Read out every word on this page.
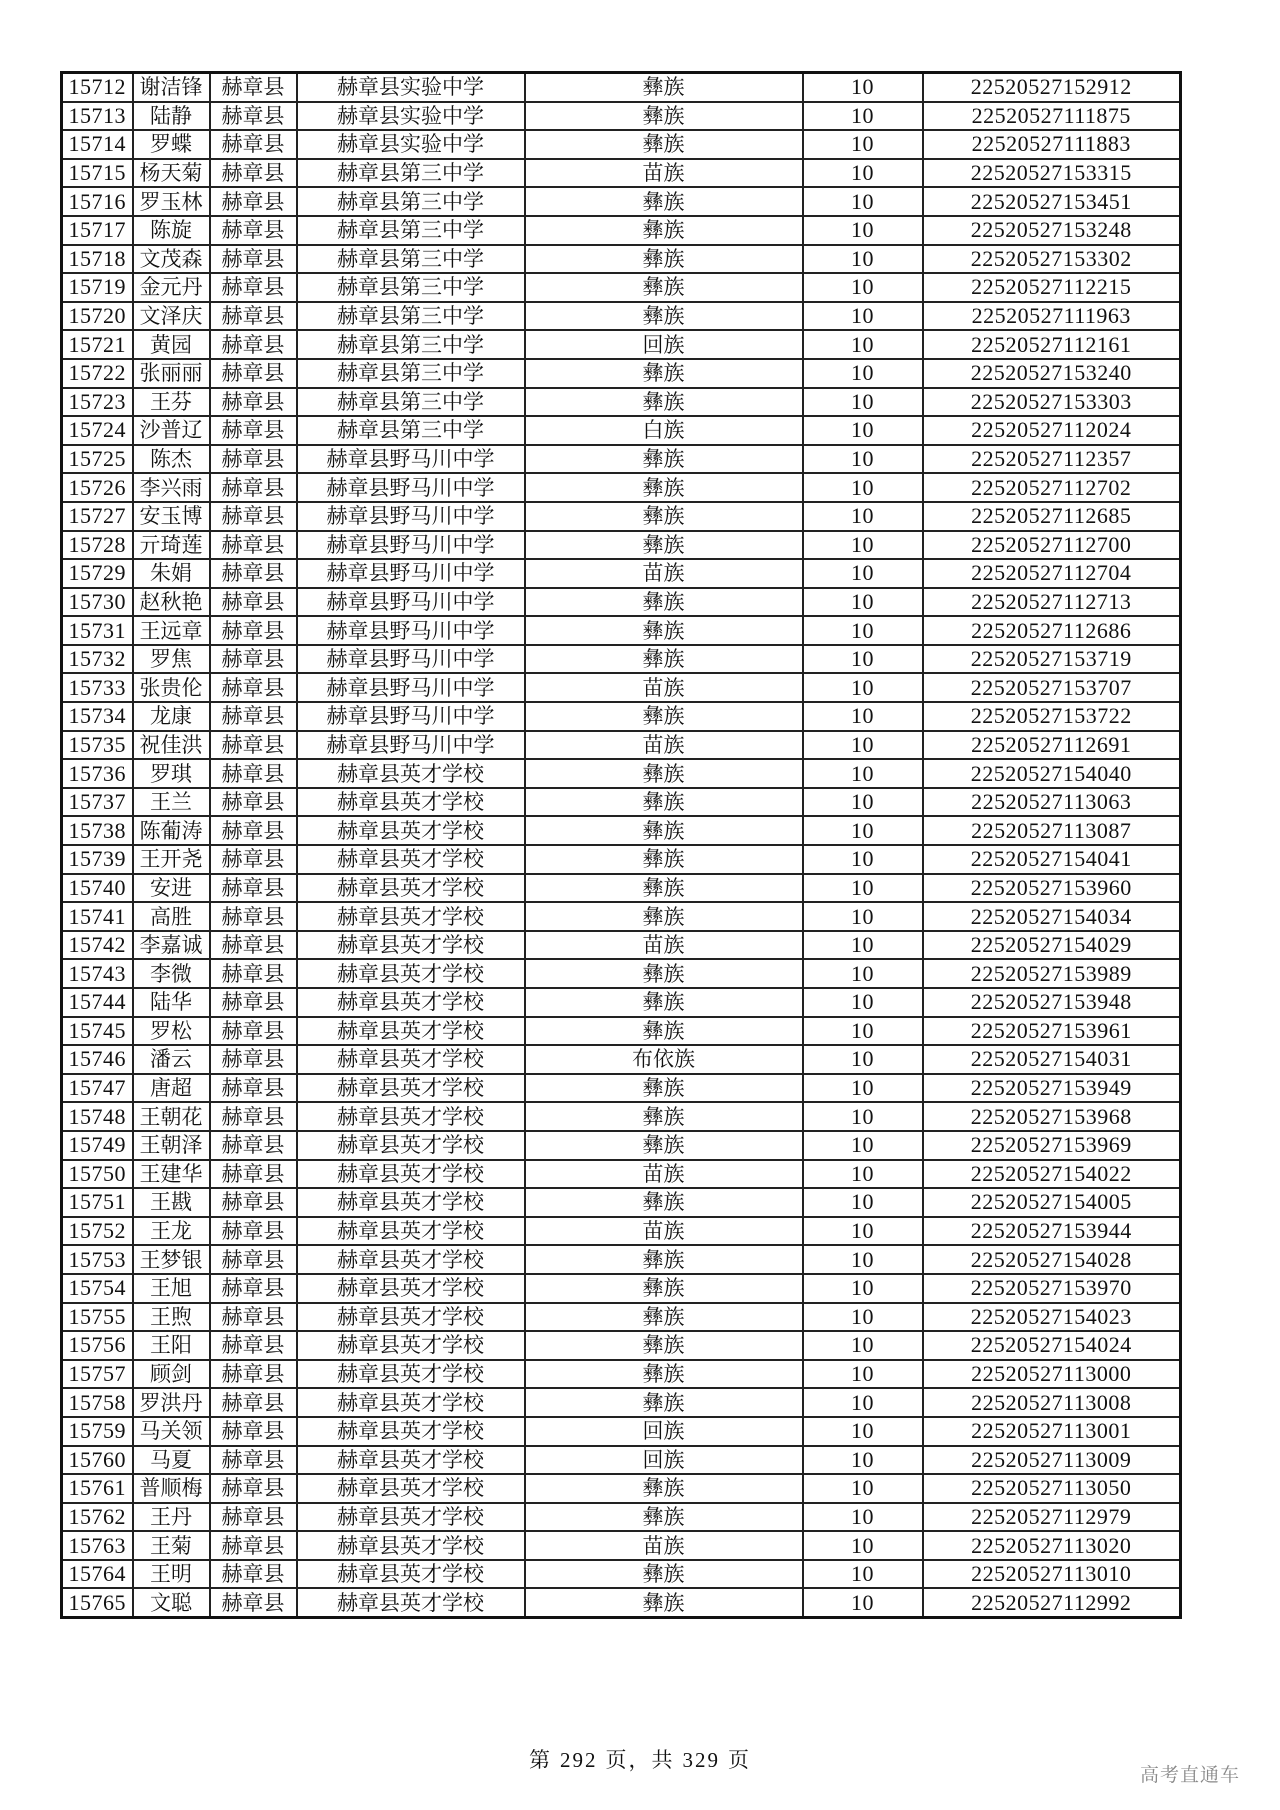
15712	谢洁锋	赫章县	赫章县实验中学	彝族	10	22520527152912
15713	陆静	赫章县	赫章县实验中学	彝族	10	22520527111875
15714	罗蝶	赫章县	赫章县实验中学	彝族	10	22520527111883
15715	杨天菊	赫章县	赫章县第三中学	苗族	10	22520527153315
15716	罗玉林	赫章县	赫章县第三中学	彝族	10	22520527153451
15717	陈旋	赫章县	赫章县第三中学	彝族	10	22520527153248
15718	文茂森	赫章县	赫章县第三中学	彝族	10	22520527153302
15719	金元丹	赫章县	赫章县第三中学	彝族	10	22520527112215
15720	文泽庆	赫章县	赫章县第三中学	彝族	10	22520527111963
15721	黄园	赫章县	赫章县第三中学	回族	10	22520527112161
15722	张丽丽	赫章县	赫章县第三中学	彝族	10	22520527153240
15723	王芬	赫章县	赫章县第三中学	彝族	10	22520527153303
15724	沙普辽	赫章县	赫章县第三中学	白族	10	22520527112024
15725	陈杰	赫章县	赫章县野马川中学	彝族	10	22520527112357
15726	李兴雨	赫章县	赫章县野马川中学	彝族	10	22520527112702
15727	安玉博	赫章县	赫章县野马川中学	彝族	10	22520527112685
15728	亓琦莲	赫章县	赫章县野马川中学	彝族	10	22520527112700
15729	朱娟	赫章县	赫章县野马川中学	苗族	10	22520527112704
15730	赵秋艳	赫章县	赫章县野马川中学	彝族	10	22520527112713
15731	王远章	赫章县	赫章县野马川中学	彝族	10	22520527112686
15732	罗焦	赫章县	赫章县野马川中学	彝族	10	22520527153719
15733	张贵伦	赫章县	赫章县野马川中学	苗族	10	22520527153707
15734	龙康	赫章县	赫章县野马川中学	彝族	10	22520527153722
15735	祝佳洪	赫章县	赫章县野马川中学	苗族	10	22520527112691
15736	罗琪	赫章县	赫章县英才学校	彝族	10	22520527154040
15737	王兰	赫章县	赫章县英才学校	彝族	10	22520527113063
15738	陈葡涛	赫章县	赫章县英才学校	彝族	10	22520527113087
15739	王开尧	赫章县	赫章县英才学校	彝族	10	22520527154041
15740	安进	赫章县	赫章县英才学校	彝族	10	22520527153960
15741	高胜	赫章县	赫章县英才学校	彝族	10	22520527154034
15742	李嘉诚	赫章县	赫章县英才学校	苗族	10	22520527154029
15743	李微	赫章县	赫章县英才学校	彝族	10	22520527153989
15744	陆华	赫章县	赫章县英才学校	彝族	10	22520527153948
15745	罗松	赫章县	赫章县英才学校	彝族	10	22520527153961
15746	潘云	赫章县	赫章县英才学校	布依族	10	22520527154031
15747	唐超	赫章县	赫章县英才学校	彝族	10	22520527153949
15748	王朝花	赫章县	赫章县英才学校	彝族	10	22520527153968
15749	王朝泽	赫章县	赫章县英才学校	彝族	10	22520527153969
15750	王建华	赫章县	赫章县英才学校	苗族	10	22520527154022
15751	王戡	赫章县	赫章县英才学校	彝族	10	22520527154005
15752	王龙	赫章县	赫章县英才学校	苗族	10	22520527153944
15753	王梦银	赫章县	赫章县英才学校	彝族	10	22520527154028
15754	王旭	赫章县	赫章县英才学校	彝族	10	22520527153970
15755	王煦	赫章县	赫章县英才学校	彝族	10	22520527154023
15756	王阳	赫章县	赫章县英才学校	彝族	10	22520527154024
15757	顾剑	赫章县	赫章县英才学校	彝族	10	22520527113000
15758	罗洪丹	赫章县	赫章县英才学校	彝族	10	22520527113008
15759	马关领	赫章县	赫章县英才学校	回族	10	22520527113001
15760	马夏	赫章县	赫章县英才学校	回族	10	22520527113009
15761	普顺梅	赫章县	赫章县英才学校	彝族	10	22520527113050
15762	王丹	赫章县	赫章县英才学校	彝族	10	22520527112979
15763	王菊	赫章县	赫章县英才学校	苗族	10	22520527113020
15764	王明	赫章县	赫章县英才学校	彝族	10	22520527113010
15765	文聪	赫章县	赫章县英才学校	彝族	10	22520527112992
第 292 页，共 329 页
高考直通车
